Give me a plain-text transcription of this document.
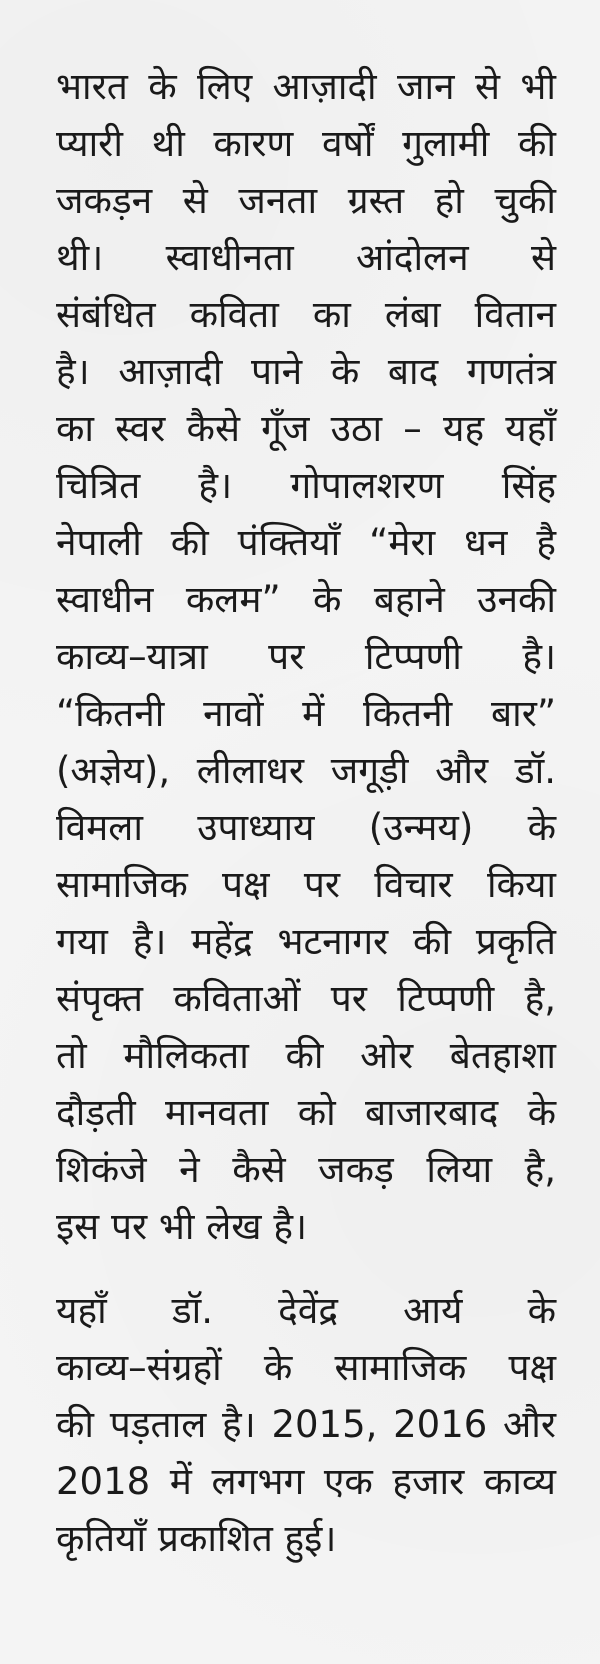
भारत के लिए आज़ादी जान से भी
प्यारी थी कारण वर्षों गुलामी की
जकड़न से जनता ग्रस्त हो चुकी
थी। स्वाधीनता आंदोलन से
संबंधित कविता का लंबा वितान
है। आज़ादी पाने के बाद गणतंत्र
का स्वर कैसे गूँज उठा – यह यहाँ
चित्रित है। गोपालशरण सिंह
नेपाली की पंक्तियाँ “मेरा धन है
स्वाधीन कलम” के बहाने उनकी
काव्य–यात्रा पर टिप्पणी है।
“कितनी नावों में कितनी बार”
(अज्ञेय), लीलाधर जगूड़ी और डॉ.
विमला उपाध्याय (उन्मय) के
सामाजिक पक्ष पर विचार किया
गया है। महेंद्र भटनागर की प्रकृति
संपृक्त कविताओं पर टिप्पणी है,
तो मौलिकता की ओर बेतहाशा
दौड़ती मानवता को बाजारबाद के
शिकंजे ने कैसे जकड़ लिया है,
इस पर भी लेख है।
यहाँ डॉ. देवेंद्र आर्य के
काव्य–संग्रहों के सामाजिक पक्ष
की पड़ताल है। 2015, 2016 और
2018 में लगभग एक हजार काव्य
कृतियाँ प्रकाशित हुई।
